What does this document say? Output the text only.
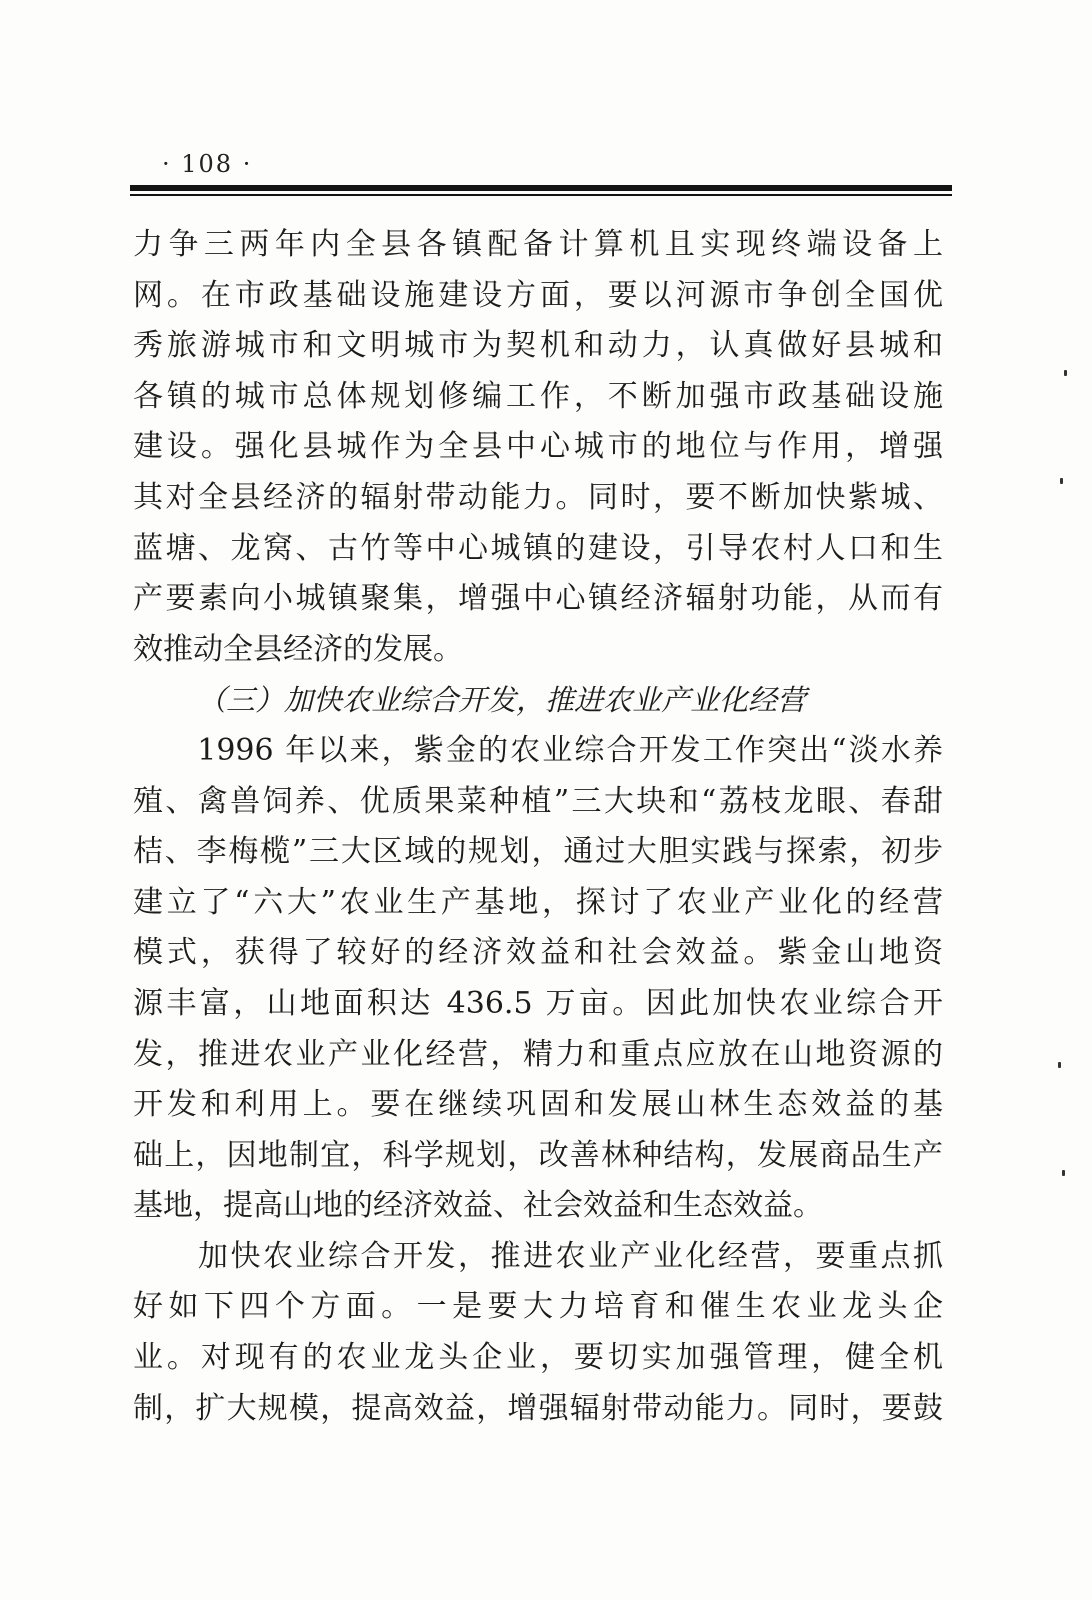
· 108 ·
力争三两年内全县各镇配备计算机且实现终端设备上
网。在市政基础设施建设方面，要以河源市争创全国优
秀旅游城市和文明城市为契机和动力，认真做好县城和
各镇的城市总体规划修编工作，不断加强市政基础设施
建设。强化县城作为全县中心城市的地位与作用，增强
其对全县经济的辐射带动能力。同时，要不断加快紫城、
蓝塘、龙窝、古竹等中心城镇的建设，引导农村人口和生
产要素向小城镇聚集，增强中心镇经济辐射功能，从而有
效推动全县经济的发展。
（三）加快农业综合开发，推进农业产业化经营
　　1996 年以来，紫金的农业综合开发工作突出“淡水养
殖、禽兽饲养、优质果菜种植”三大块和“荔枝龙眼、春甜
桔、李梅榄”三大区域的规划，通过大胆实践与探索，初步
建立了“六大”农业生产基地，探讨了农业产业化的经营
模式，获得了较好的经济效益和社会效益。紫金山地资
源丰富，山地面积达 436.5 万亩。因此加快农业综合开
发，推进农业产业化经营，精力和重点应放在山地资源的
开发和利用上。要在继续巩固和发展山林生态效益的基
础上，因地制宜，科学规划，改善林种结构，发展商品生产
基地，提高山地的经济效益、社会效益和生态效益。
　　加快农业综合开发，推进农业产业化经营，要重点抓
好如下四个方面。一是要大力培育和催生农业龙头企
业。对现有的农业龙头企业，要切实加强管理，健全机
制，扩大规模，提高效益，增强辐射带动能力。同时，要鼓
